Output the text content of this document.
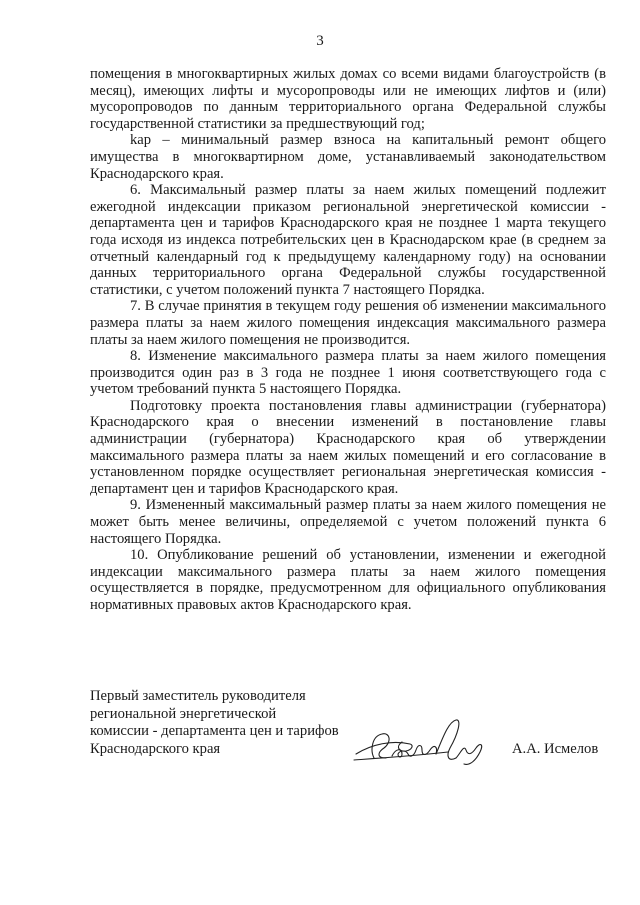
3

помещения в многоквартирных жилых домах со всеми видами благоустройств (в месяц), имеющих лифты и мусоропроводы или не имеющих лифтов и (или) мусоропроводов по данным территориального органа Федеральной службы государственной статистики за предшествующий год;

kap – минимальный размер взноса на капитальный ремонт общего имущества в многоквартирном доме, устанавливаемый законодательством Краснодарского края.

6. Максимальный размер платы за наем жилых помещений подлежит ежегодной индексации приказом региональной энергетической комиссии - департамента цен и тарифов Краснодарского края не позднее 1 марта текущего года исходя из индекса потребительских цен в Краснодарском крае (в среднем за отчетный календарный год к предыдущему календарному году) на основании данных территориального органа Федеральной службы государственной статистики, с учетом положений пункта 7 настоящего Порядка.

7. В случае принятия в текущем году решения об изменении максимального размера платы за наем жилого помещения индексация максимального размера платы за наем жилого помещения не производится.

8. Изменение максимального размера платы за наем жилого помещения производится один раз в 3 года не позднее 1 июня соответствующего года с учетом требований пункта 5 настоящего Порядка.

Подготовку проекта постановления главы администрации (губернатора) Краснодарского края о внесении изменений в постановление главы администрации (губернатора) Краснодарского края об утверждении максимального размера платы за наем жилых помещений и его согласование в установленном порядке осуществляет региональная энергетическая комиссия - департамент цен и тарифов Краснодарского края.

9. Измененный максимальный размер платы за наем жилого помещения не может быть менее величины, определяемой с учетом положений пункта 6 настоящего Порядка.

10. Опубликование решений об установлении, изменении и ежегодной индексации максимального размера платы за наем жилого помещения осуществляется в порядке, предусмотренном для официального опубликования нормативных правовых актов Краснодарского края.

Первый заместитель руководителя
региональной энергетической
комиссии - департамента цен и тарифов
Краснодарского края	А.А. Исмелов
